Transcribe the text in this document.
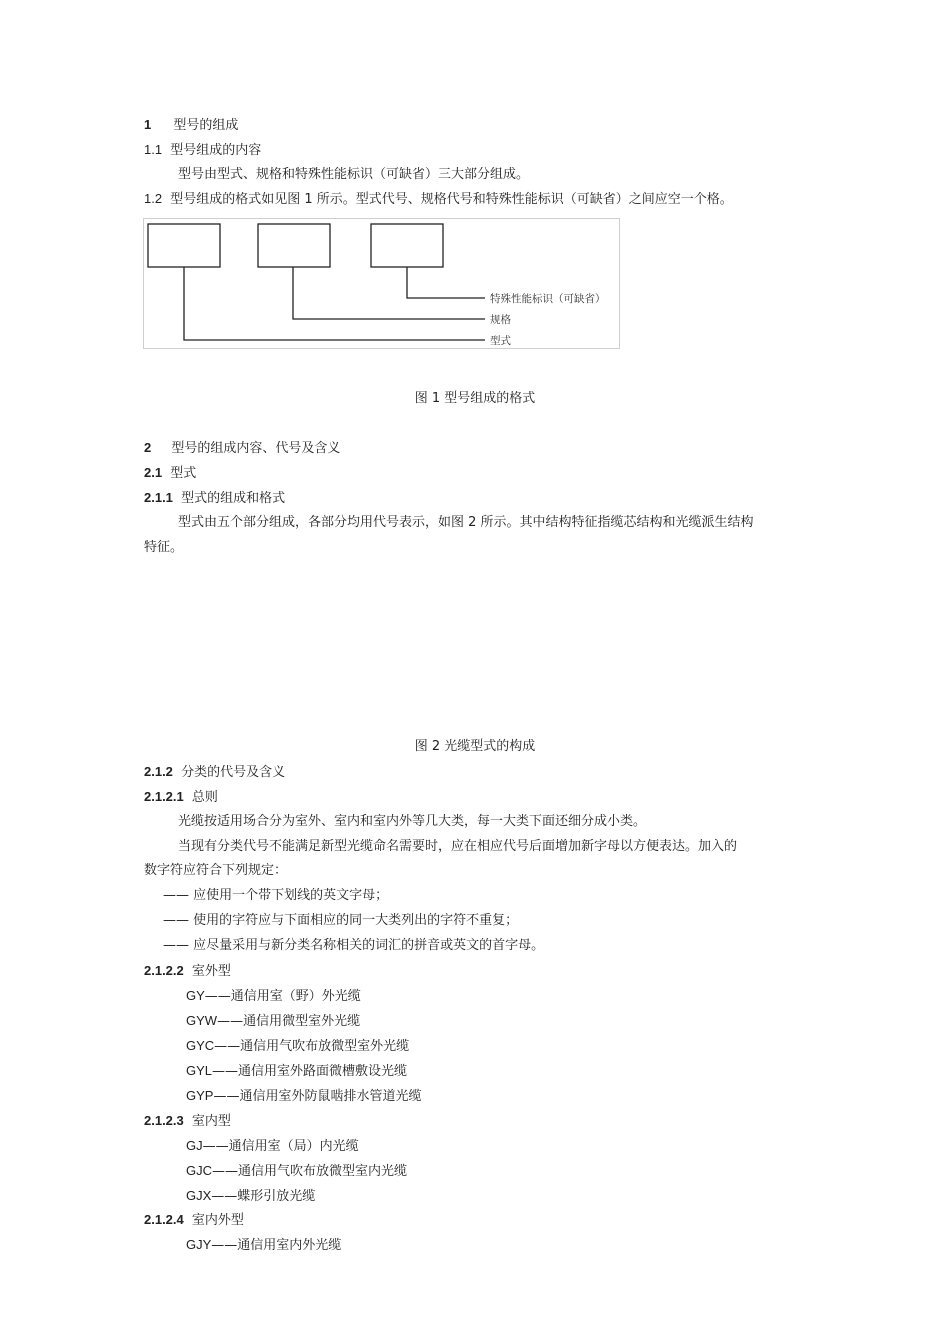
1 型号的组成
1.1 型号组成的内容
型号由型式、规格和特殊性能标识（可缺省）三大部分组成。
1.2 型号组成的格式如见图 1 所示。型式代号、规格代号和特殊性能标识（可缺省）之间应空一个格。
特殊性能标识（可缺省）
规格
型式
图 1 型号组成的格式
2 型号的组成内容、代号及含义
2.1 型式
2.1.1 型式的组成和格式
型式由五个部分组成，各部分均用代号表示，如图 2 所示。其中结构特征指缆芯结构和光缆派生结构
特征。
图 2 光缆型式的构成
2.1.2 分类的代号及含义
2.1.2.1 总则
光缆按适用场合分为室外、室内和室内外等几大类，每一大类下面还细分成小类。
当现有分类代号不能满足新型光缆命名需要时，应在相应代号后面增加新字母以方便表达。加入的
数字符应符合下列规定：
—— 应使用一个带下划线的英文字母；
—— 使用的字符应与下面相应的同一大类列出的字符不重复；
—— 应尽量采用与新分类名称相关的词汇的拼音或英文的首字母。
2.1.2.2 室外型
GY——通信用室（野）外光缆
GYW——通信用微型室外光缆
GYC——通信用气吹布放微型室外光缆
GYL——通信用室外路面微槽敷设光缆
GYP——通信用室外防鼠啮排水管道光缆
2.1.2.3 室内型
GJ——通信用室（局）内光缆
GJC——通信用气吹布放微型室内光缆
GJX——蝶形引放光缆
2.1.2.4 室内外型
GJY——通信用室内外光缆
